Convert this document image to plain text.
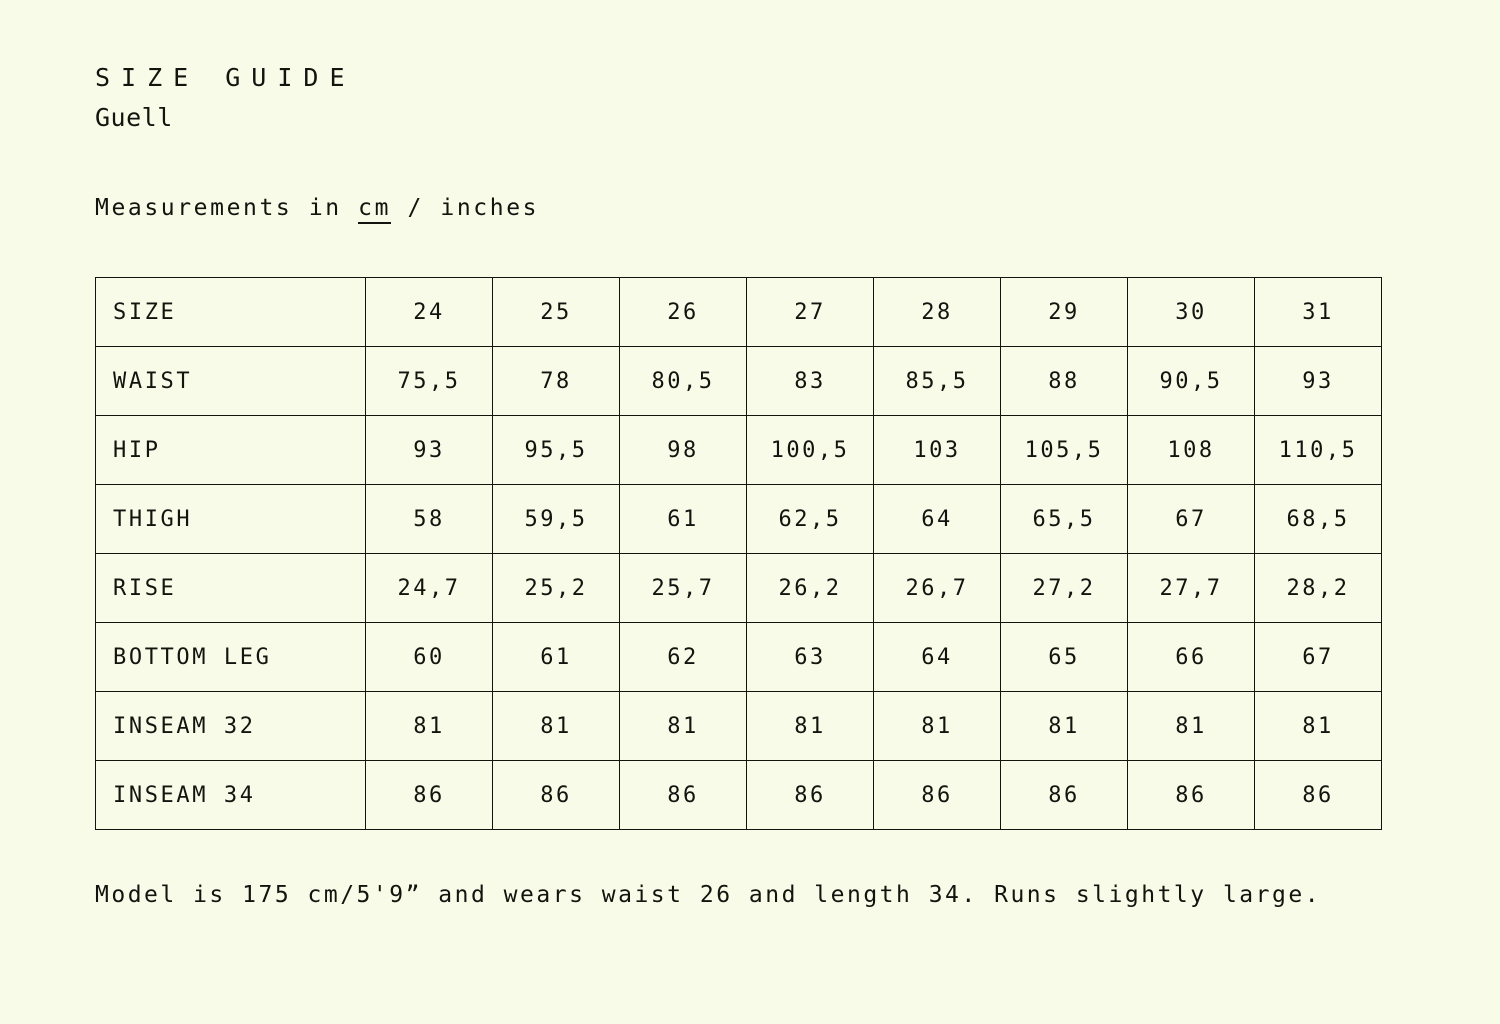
SIZE GUIDE
Guell
Measurements in cm / inches
SIZE	24	25	26	27	28	29	30	31
WAIST	75,5	78	80,5	83	85,5	88	90,5	93
HIP	93	95,5	98	100,5	103	105,5	108	110,5
THIGH	58	59,5	61	62,5	64	65,5	67	68,5
RISE	24,7	25,2	25,7	26,2	26,7	27,2	27,7	28,2
BOTTOM LEG	60	61	62	63	64	65	66	67
INSEAM 32	81	81	81	81	81	81	81	81
INSEAM 34	86	86	86	86	86	86	86	86
Model is 175 cm/5'9” and wears waist 26 and length 34. Runs slightly large.
